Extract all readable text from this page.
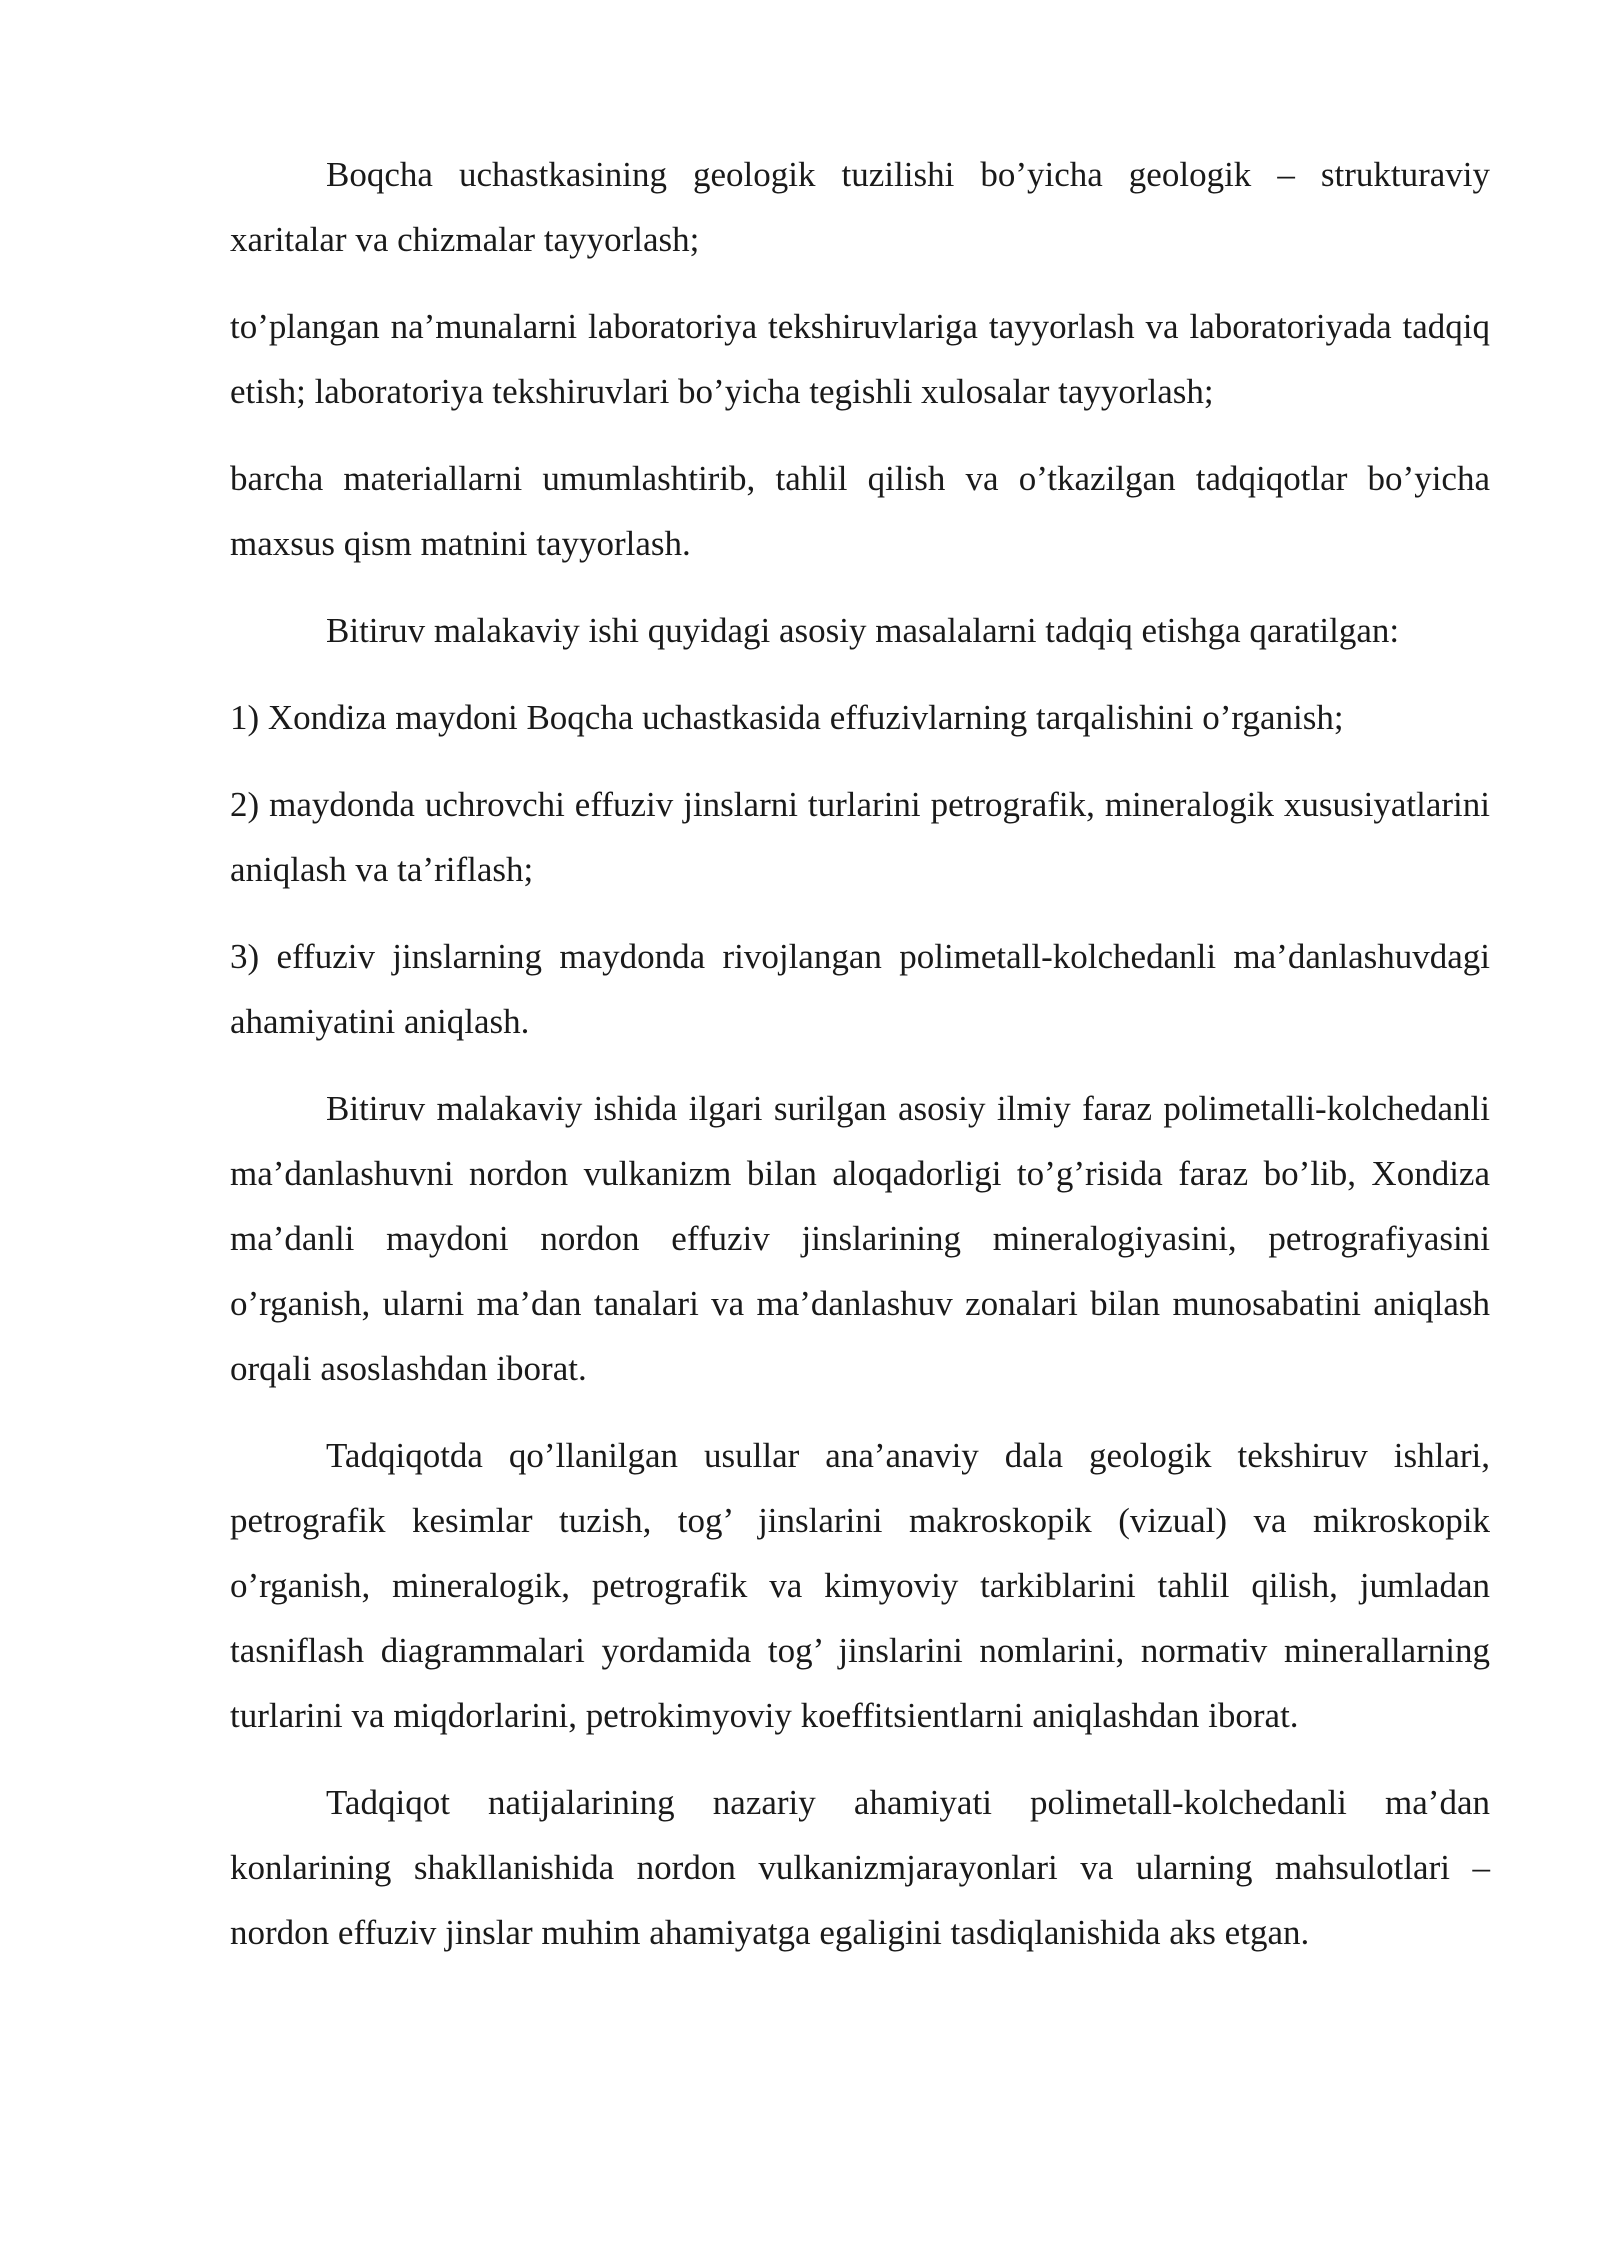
Boqcha uchastkasining geologik tuzilishi bo’yicha geologik – strukturaviy xaritalar va chizmalar tayyorlash;

to’plangan na’munalarni laboratoriya tekshiruvlariga tayyorlash va laboratoriyada tadqiq etish; laboratoriya tekshiruvlari bo’yicha tegishli xulosalar tayyorlash;

barcha materiallarni umumlashtirib, tahlil qilish va o’tkazilgan tadqiqotlar bo’yicha maxsus qism matnini tayyorlash.

Bitiruv malakaviy ishi quyidagi asosiy masalalarni tadqiq etishga qaratilgan:

1) Xondiza maydoni Boqcha uchastkasida effuzivlarning tarqalishini o’rganish;

2) maydonda uchrovchi effuziv jinslarni turlarini petrografik, mineralogik xususiyatlarini aniqlash va ta’riflash;

3) effuziv jinslarning maydonda rivojlangan polimetall-kolchedanli ma’danlashuvdagi ahamiyatini aniqlash.

Bitiruv malakaviy ishida ilgari surilgan asosiy ilmiy faraz polimetalli-kolchedanli ma’danlashuvni nordon vulkanizm bilan aloqadorligi to’g’risida faraz bo’lib, Xondiza ma’danli maydoni nordon effuziv jinslarining mineralogiyasini, petrografiyasini o’rganish, ularni ma’dan tanalari va ma’danlashuv zonalari bilan munosabatini aniqlash orqali asoslashdan iborat.

Tadqiqotda qo’llanilgan usullar ana’anaviy dala geologik tekshiruv ishlari, petrografik kesimlar tuzish, tog’ jinslarini makroskopik (vizual) va mikroskopik o’rganish, mineralogik, petrografik va kimyoviy tarkiblarini tahlil qilish, jumladan tasniflash diagrammalari yordamida tog’ jinslarini nomlarini, normativ minerallarning turlarini va miqdorlarini, petrokimyoviy koeffitsientlarni aniqlashdan iborat.

Tadqiqot natijalarining nazariy ahamiyati polimetall-kolchedanli ma’dan konlarining shakllanishida nordon vulkanizmjarayonlari va ularning mahsulotlari – nordon effuziv jinslar muhim ahamiyatga egaligini tasdiqlanishida aks etgan.
